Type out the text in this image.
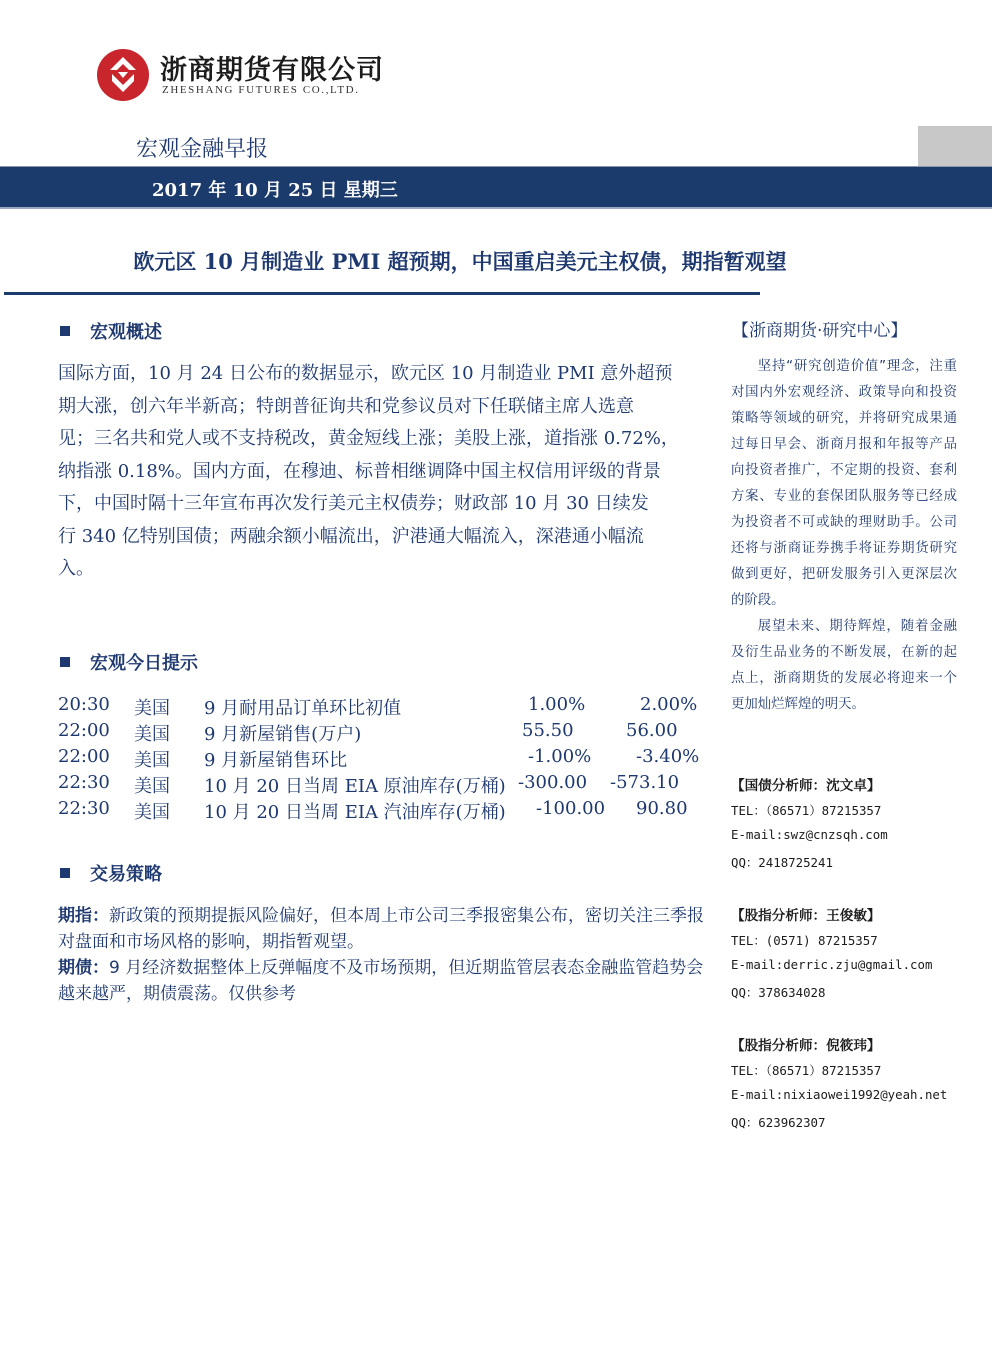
浙商期货有限公司
ZHESHANG FUTURES CO.,LTD.
宏观金融早报
2017 年 10 月 25 日 星期三
欧元区 10 月制造业 PMI 超预期，中国重启美元主权债，期指暂观望
宏观概述
国际方面，10 月 24 日公布的数据显示，欧元区 10 月制造业 PMI 意外超预
期大涨，创六年半新高；特朗普征询共和党参议员对下任联储主席人选意
见；三名共和党人或不支持税改，黄金短线上涨；美股上涨，道指涨 0.72%，
纳指涨 0.18%。国内方面，在穆迪、标普相继调降中国主权信用评级的背景
下，中国时隔十三年宣布再次发行美元主权债券；财政部 10 月 30 日续发
行 340 亿特别国债；两融余额小幅流出，沪港通大幅流入，深港通小幅流
入。
宏观今日提示
20:30 美国 9 月耐用品订单环比初值	1.00%	2.00%
22:00 美国 9 月新屋销售(万户)	55.50	56.00
22:00 美国 9 月新屋销售环比	-1.00% -3.40%
22:30 美国 10 月 20 日当周 EIA 原油库存(万桶) -300.00 -573.10
22:30 美国 10 月 20 日当周 EIA 汽油库存(万桶) -100.00 90.80
交易策略
期指：新政策的预期提振风险偏好，但本周上市公司三季报密集公布，密切关注三季报对盘面和市场风格的影响，期指暂观望。
期债：9 月经济数据整体上反弹幅度不及市场预期，但近期监管层表态金融监管趋势会越来越严，期债震荡。仅供参考
【浙商期货·研究中心】
坚持“研究创造价值”理念，注重对国内外宏观经济、政策导向和投资策略等领域的研究，并将研究成果通过每日早会、浙商月报和年报等产品向投资者推广，不定期的投资、套利方案、专业的套保团队服务等已经成为投资者不可或缺的理财助手。公司还将与浙商证券携手将证券期货研究做到更好，把研发服务引入更深层次的阶段。
展望未来、期待辉煌，随着金融及衍生品业务的不断发展，在新的起点上，浙商期货的发展必将迎来一个更加灿烂辉煌的明天。
【国债分析师：沈文卓】
TEL：（86571）87215357
E-mail:swz@cnzsqh.com
QQ：2418725241
【股指分析师：王俊敏】
TEL：(0571) 87215357
E-mail:derric.zju@gmail.com
QQ：378634028
【股指分析师：倪筱玮】
TEL：（86571）87215357
E-mail:nixiaowei1992@yeah.net
QQ：623962307
